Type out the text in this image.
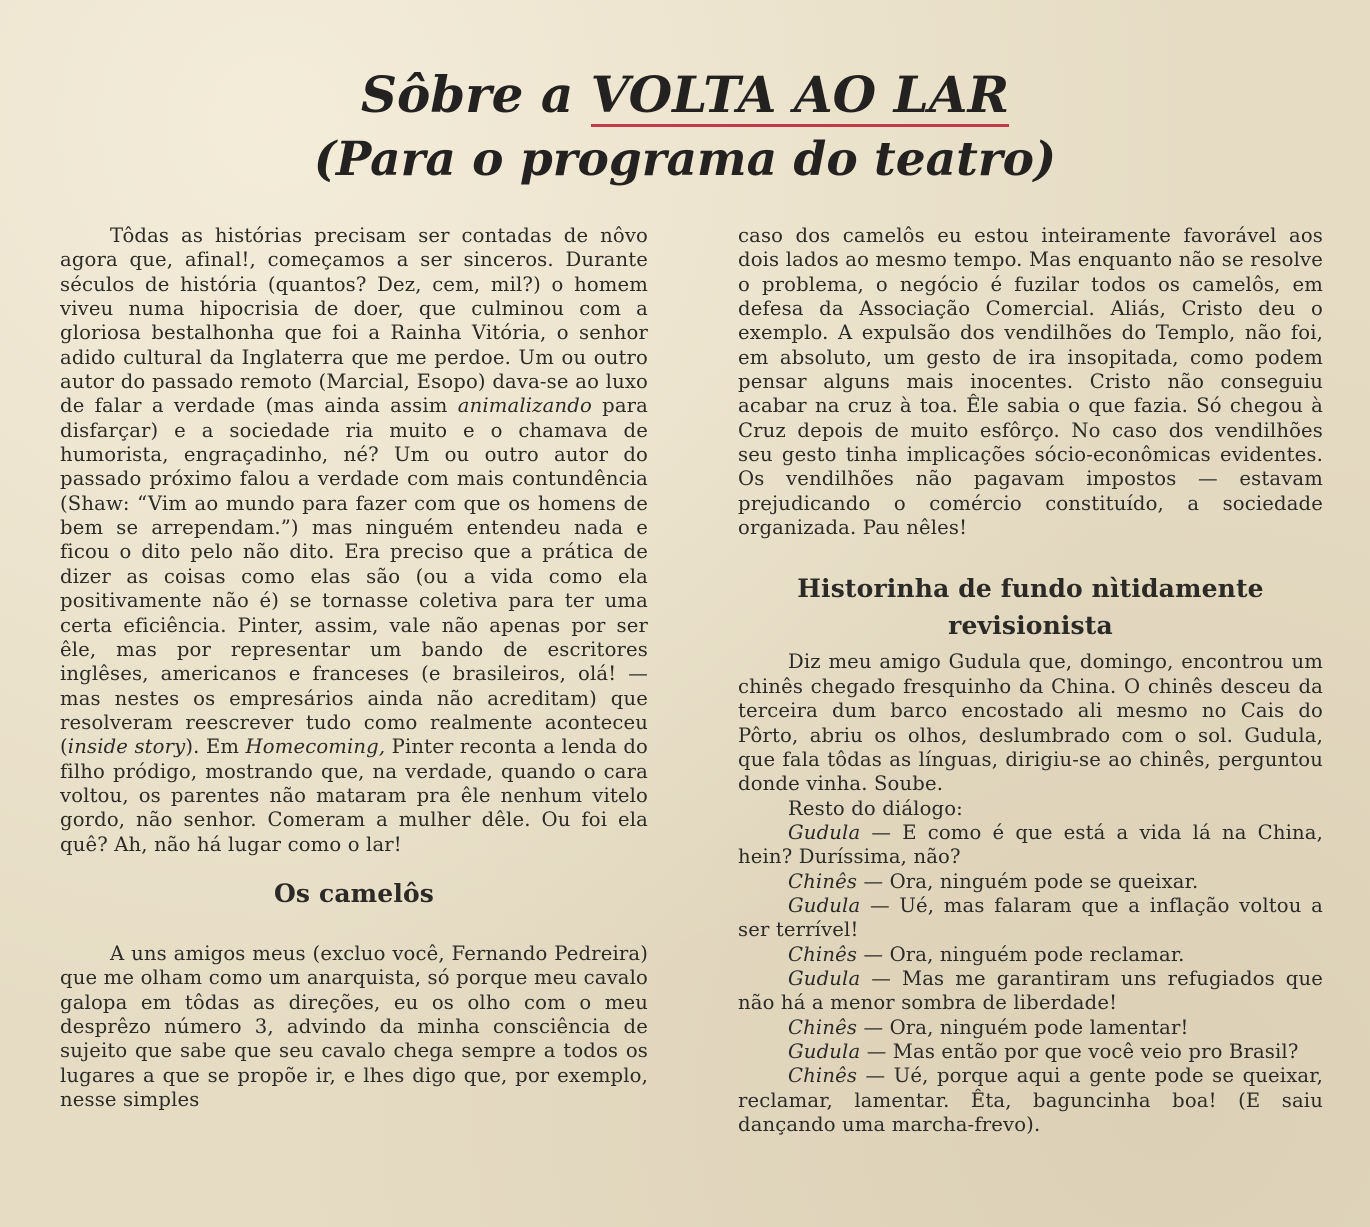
Sôbre a VOLTA AO LAR
(Para o programa do teatro)

Tôdas as histórias precisam ser contadas de nôvo agora que, afinal!, começamos a ser sinceros. Durante séculos de história (quantos? Dez, cem, mil?) o homem viveu numa hipocrisia de doer, que culminou com a gloriosa bestalhonha que foi a Rainha Vitória, o senhor adido cultural da Inglaterra que me perdoe. Um ou outro autor do passado remoto (Marcial, Esopo) dava-se ao luxo de falar a verdade (mas ainda assim animalizando para disfarçar) e a sociedade ria muito e o chamava de humorista, engraçadinho, né? Um ou outro autor do passado próximo falou a verdade com mais contundência (Shaw: “Vim ao mundo para fazer com que os homens de bem se arrependam.”) mas ninguém entendeu nada e ficou o dito pelo não dito. Era preciso que a prática de dizer as coisas como elas são (ou a vida como ela positivamente não é) se tornasse coletiva para ter uma certa eficiência. Pinter, assim, vale não apenas por ser êle, mas por representar um bando de escritores inglêses, americanos e franceses (e brasileiros, olá! — mas nestes os empresários ainda não acreditam) que resolveram reescrever tudo como realmente aconteceu (inside story). Em Homecoming, Pinter reconta a lenda do filho pródigo, mostrando que, na verdade, quando o cara voltou, os parentes não mataram pra êle nenhum vitelo gordo, não senhor. Comeram a mulher dêle. Ou foi ela quê? Ah, não há lugar como o lar!

Os camelôs

A uns amigos meus (excluo você, Fernando Pedreira) que me olham como um anarquista, só porque meu cavalo galopa em tôdas as direções, eu os olho com o meu desprêzo número 3, advindo da minha consciência de sujeito que sabe que seu cavalo chega sempre a todos os lugares a que se propõe ir, e lhes digo que, por exemplo, nesse simples

caso dos camelôs eu estou inteiramente favorável aos dois lados ao mesmo tempo. Mas enquanto não se resolve o problema, o negócio é fuzilar todos os camelôs, em defesa da Associação Comercial. Aliás, Cristo deu o exemplo. A expulsão dos vendilhões do Templo, não foi, em absoluto, um gesto de ira insopitada, como podem pensar alguns mais inocentes. Cristo não conseguiu acabar na cruz à toa. Êle sabia o que fazia. Só chegou à Cruz depois de muito esfôrço. No caso dos vendilhões seu gesto tinha implicações sócio-econômicas evidentes. Os vendilhões não pagavam impostos — estavam prejudicando o comércio constituído, a sociedade organizada. Pau nêles!

Historinha de fundo nìtidamente revisionista

Diz meu amigo Gudula que, domingo, encontrou um chinês chegado fresquinho da China. O chinês desceu da terceira dum barco encostado ali mesmo no Cais do Pôrto, abriu os olhos, deslumbrado com o sol. Gudula, que fala tôdas as línguas, dirigiu-se ao chinês, perguntou donde vinha. Soube.

Resto do diálogo:

Gudula — E como é que está a vida lá na China, hein? Duríssima, não?

Chinês — Ora, ninguém pode se queixar.

Gudula — Ué, mas falaram que a inflação voltou a ser terrível!

Chinês — Ora, ninguém pode reclamar.

Gudula — Mas me garantiram uns refugiados que não há a menor sombra de liberdade!

Chinês — Ora, ninguém pode lamentar!

Gudula — Mas então por que você veio pro Brasil?

Chinês — Ué, porque aqui a gente pode se queixar, reclamar, lamentar. Êta, baguncinha boa! (E saiu dançando uma marcha-frevo).
